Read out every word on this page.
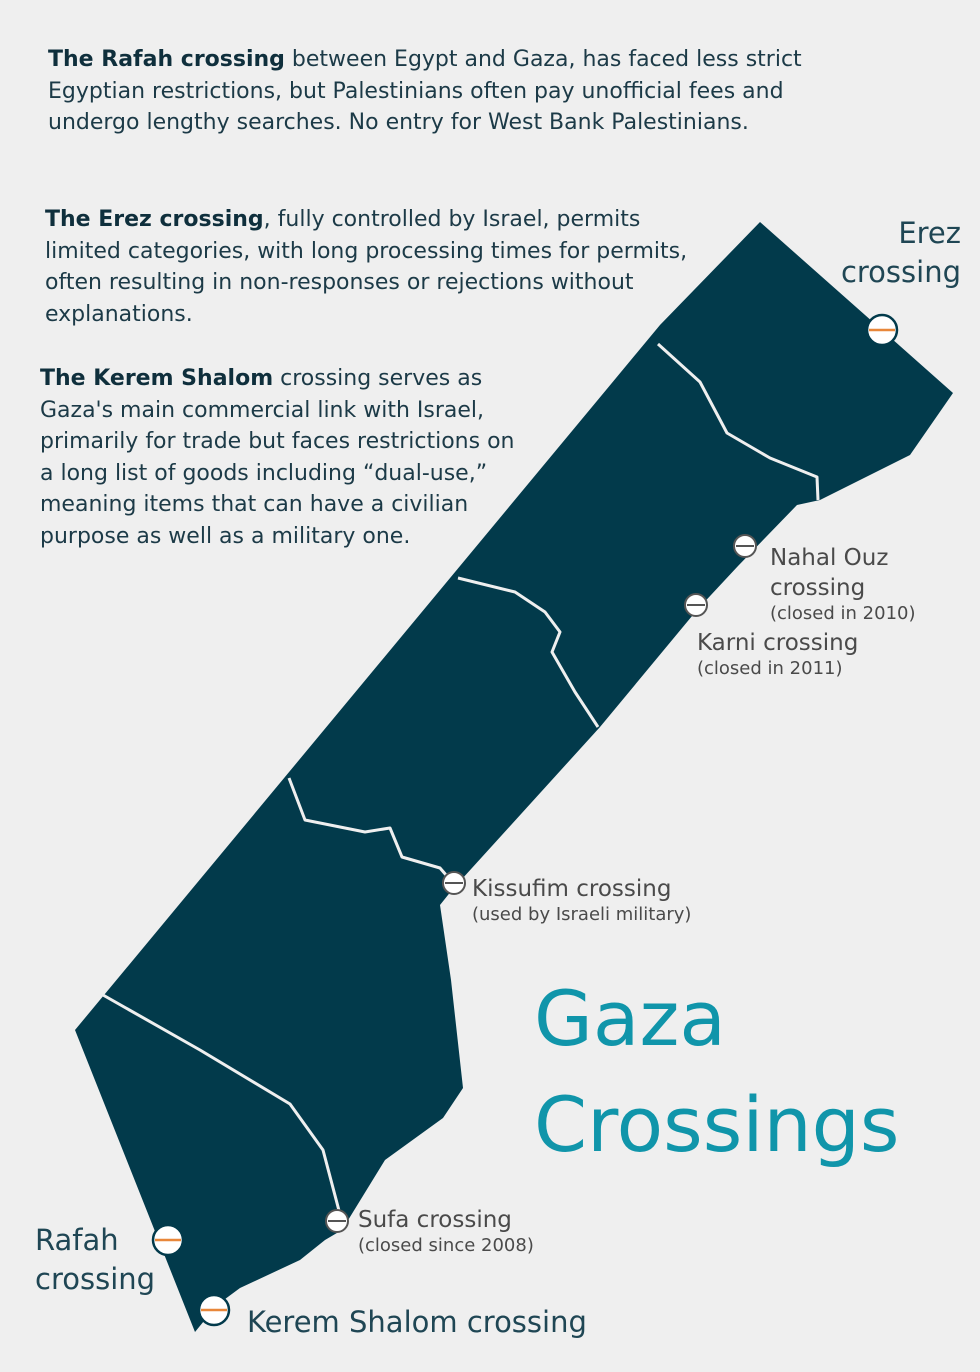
The Rafah crossing between Egypt and Gaza, has faced less strict Egyptian restrictions, but Palestinians often pay unofficial fees and undergo lengthy searches. No entry for West Bank Palestinians.

The Erez crossing, fully controlled by Israel, permits limited categories, with long processing times for permits, often resulting in non-responses or rejections without explanations.

The Kerem Shalom crossing serves as Gaza's main commercial link with Israel, primarily for trade but faces restrictions on a long list of goods including “dual-use,” meaning items that can have a civilian purpose as well as a military one.

Erez
crossing
Nahal Ouz
crossing
(closed in 2010)
Karni crossing
(closed in 2011)
Kissufim crossing
(used by Israeli military)
Sufa crossing
(closed since 2008)
Rafah
crossing
Kerem Shalom crossing
Gaza
Crossings
